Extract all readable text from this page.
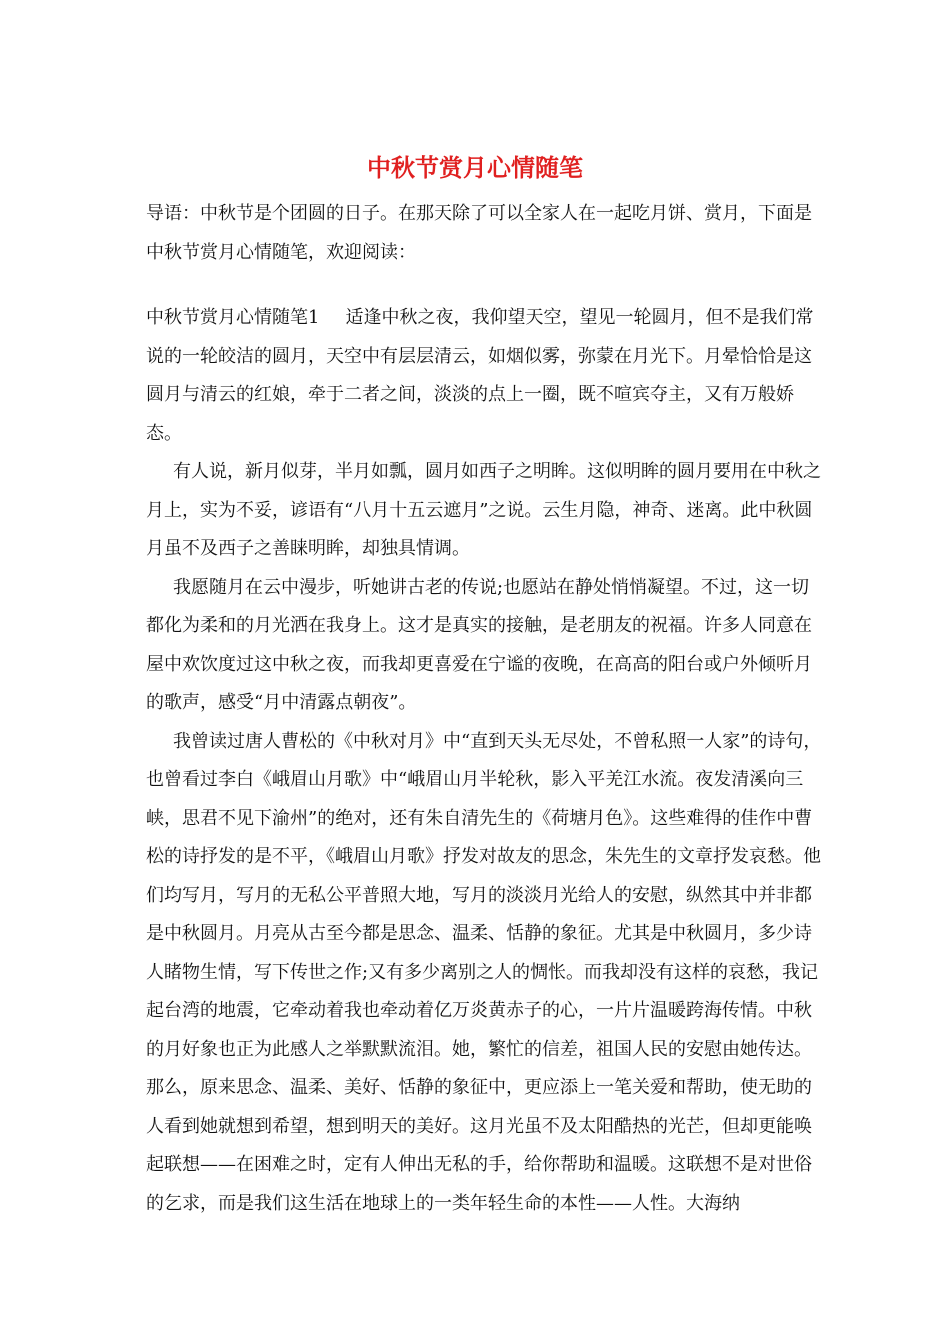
中秋节赏月心情随笔

导语：中秋节是个团圆的日子。在那天除了可以全家人在一起吃月饼、赏月，下面是中秋节赏月心情随笔，欢迎阅读：

中秋节赏月心情随笔1 适逢中秋之夜，我仰望天空，望见一轮圆月，但不是我们常说的一轮皎洁的圆月，天空中有层层清云，如烟似雾，弥蒙在月光下。月晕恰恰是这圆月与清云的红娘，牵于二者之间，淡淡的点上一圈，既不喧宾夺主，又有万般娇态。

有人说，新月似芽，半月如瓢，圆月如西子之明眸。这似明眸的圆月要用在中秋之月上，实为不妥，谚语有“八月十五云遮月”之说。云生月隐，神奇、迷离。此中秋圆月虽不及西子之善睐明眸，却独具情调。

我愿随月在云中漫步，听她讲古老的传说;也愿站在静处悄悄凝望。不过，这一切都化为柔和的月光洒在我身上。这才是真实的接触，是老朋友的祝福。许多人同意在屋中欢饮度过这中秋之夜，而我却更喜爱在宁谧的夜晚，在高高的阳台或户外倾听月的歌声，感受“月中清露点朝夜”。

我曾读过唐人曹松的《中秋对月》中“直到天头无尽处，不曾私照一人家”的诗句，也曾看过李白《峨眉山月歌》中“峨眉山月半轮秋，影入平羌江水流。夜发清溪向三峡，思君不见下渝州”的绝对，还有朱自清先生的《荷塘月色》。这些难得的佳作中曹松的诗抒发的是不平，《峨眉山月歌》抒发对故友的思念，朱先生的文章抒发哀愁。他们均写月，写月的无私公平普照大地，写月的淡淡月光给人的安慰，纵然其中并非都是中秋圆月。月亮从古至今都是思念、温柔、恬静的象征。尤其是中秋圆月，多少诗人睹物生情，写下传世之作;又有多少离别之人的惆怅。而我却没有这样的哀愁，我记起台湾的地震，它牵动着我也牵动着亿万炎黄赤子的心，一片片温暖跨海传情。中秋的月好象也正为此感人之举默默流泪。她，繁忙的信差，祖国人民的安慰由她传达。那么，原来思念、温柔、美好、恬静的象征中，更应添上一笔关爱和帮助，使无助的人看到她就想到希望，想到明天的美好。这月光虽不及太阳酷热的光芒，但却更能唤起联想——在困难之时，定有人伸出无私的手，给你帮助和温暖。这联想不是对世俗的乞求，而是我们这生活在地球上的一类年轻生命的本性——人性。大海纳
